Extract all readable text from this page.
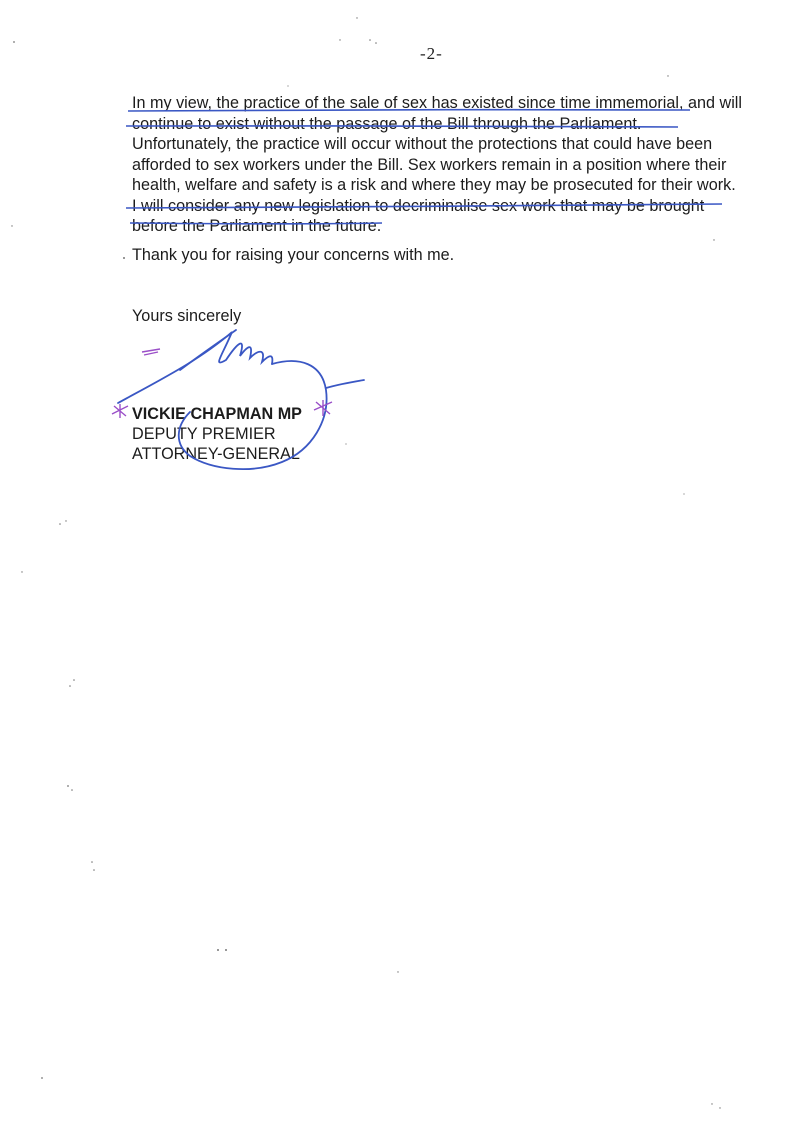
-2-
In my view, the practice of the sale of sex has existed since time immemorial, and will
continue to exist without the passage of the Bill through the Parliament.
Unfortunately, the practice will occur without the protections that could have been
afforded to sex workers under the Bill. Sex workers remain in a position where their
health, welfare and safety is a risk and where they may be prosecuted for their work.
I will consider any new legislation to decriminalise sex work that may be brought
before the Parliament in the future.
Thank you for raising your concerns with me.
Yours sincerely
VICKIE CHAPMAN MP
DEPUTY PREMIER
ATTORNEY-GENERAL
